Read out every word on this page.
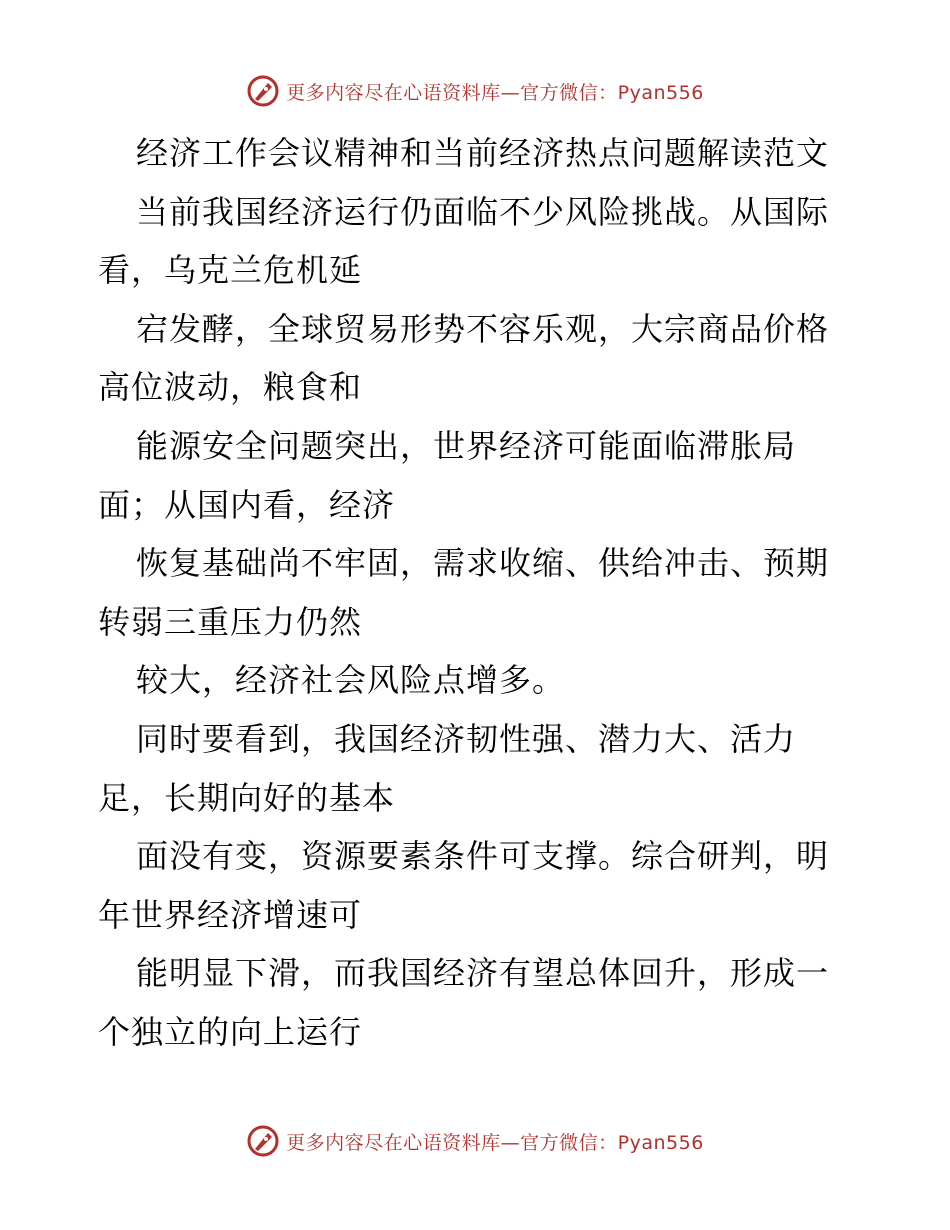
更多内容尽在心语资料库—官方微信：Pyan556
经济工作会议精神和当前经济热点问题解读范文
当前我国经济运行仍面临不少风险挑战。从国际
看，乌克兰危机延
宕发酵，全球贸易形势不容乐观，大宗商品价格
高位波动，粮食和
能源安全问题突出，世界经济可能面临滞胀局
面；从国内看，经济
恢复基础尚不牢固，需求收缩、供给冲击、预期
转弱三重压力仍然
较大，经济社会风险点增多。
同时要看到，我国经济韧性强、潜力大、活力
足，长期向好的基本
面没有变，资源要素条件可支撑。综合研判，明
年世界经济增速可
能明显下滑，而我国经济有望总体回升，形成一
个独立的向上运行
更多内容尽在心语资料库—官方微信：Pyan556
